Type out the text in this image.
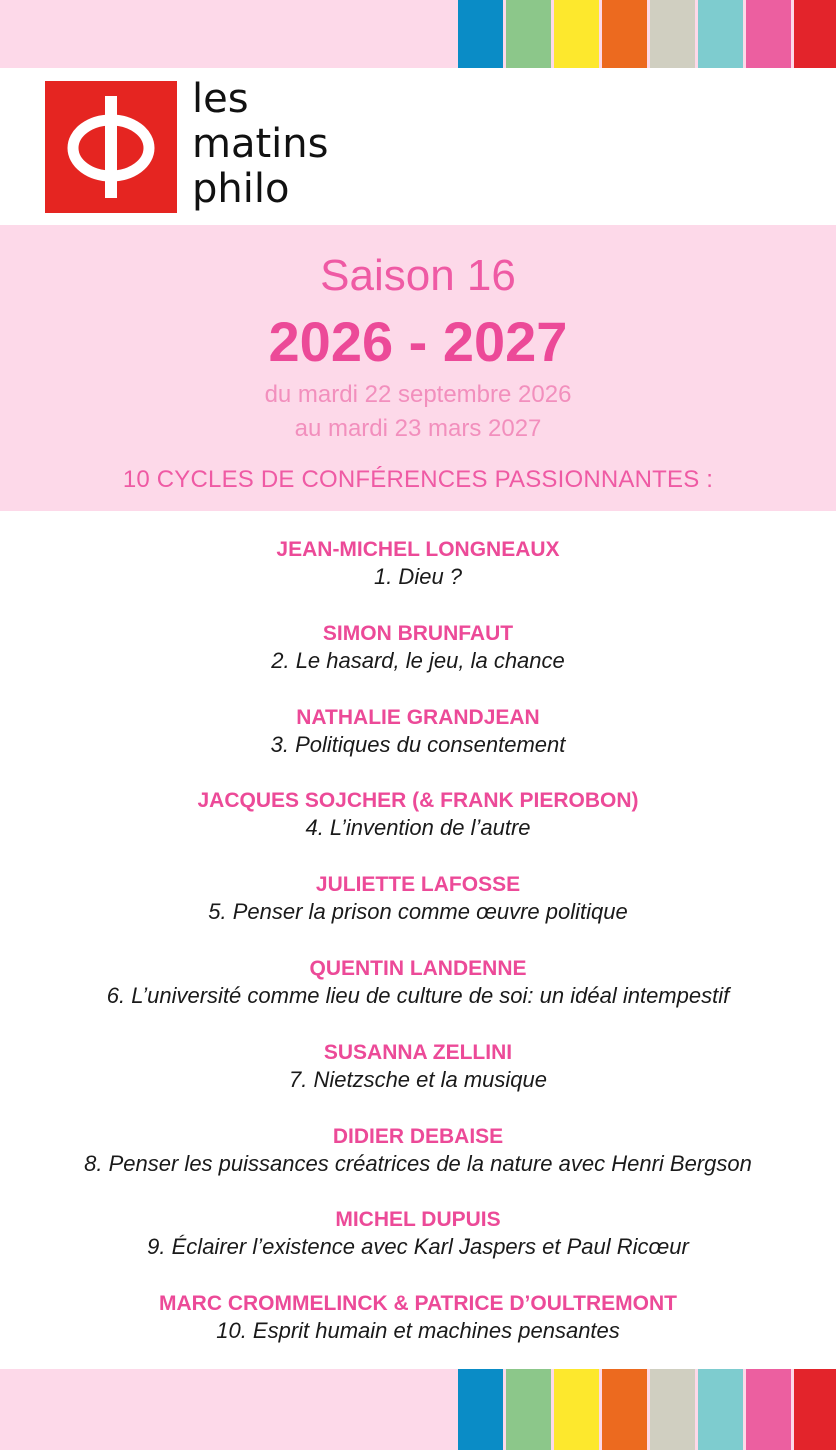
les
matins
philo
Saison 16
2026 - 2027
du mardi 22 septembre 2026
au mardi 23 mars 2027
10 CYCLES DE CONFÉRENCES PASSIONNANTES :
JEAN-MICHEL LONGNEAUX
1. Dieu ?
SIMON BRUNFAUT
2. Le hasard, le jeu, la chance
NATHALIE GRANDJEAN
3. Politiques du consentement
JACQUES SOJCHER (& FRANK PIEROBON)
4. L’invention de l’autre
JULIETTE LAFOSSE
5. Penser la prison comme œuvre politique
QUENTIN LANDENNE
6. L’université comme lieu de culture de soi: un idéal intempestif
SUSANNA ZELLINI
7. Nietzsche et la musique
DIDIER DEBAISE
8. Penser les puissances créatrices de la nature avec Henri Bergson
MICHEL DUPUIS
9. Éclairer l’existence avec Karl Jaspers et Paul Ricœur
MARC CROMMELINCK & PATRICE D’OULTREMONT
10. Esprit humain et machines pensantes
